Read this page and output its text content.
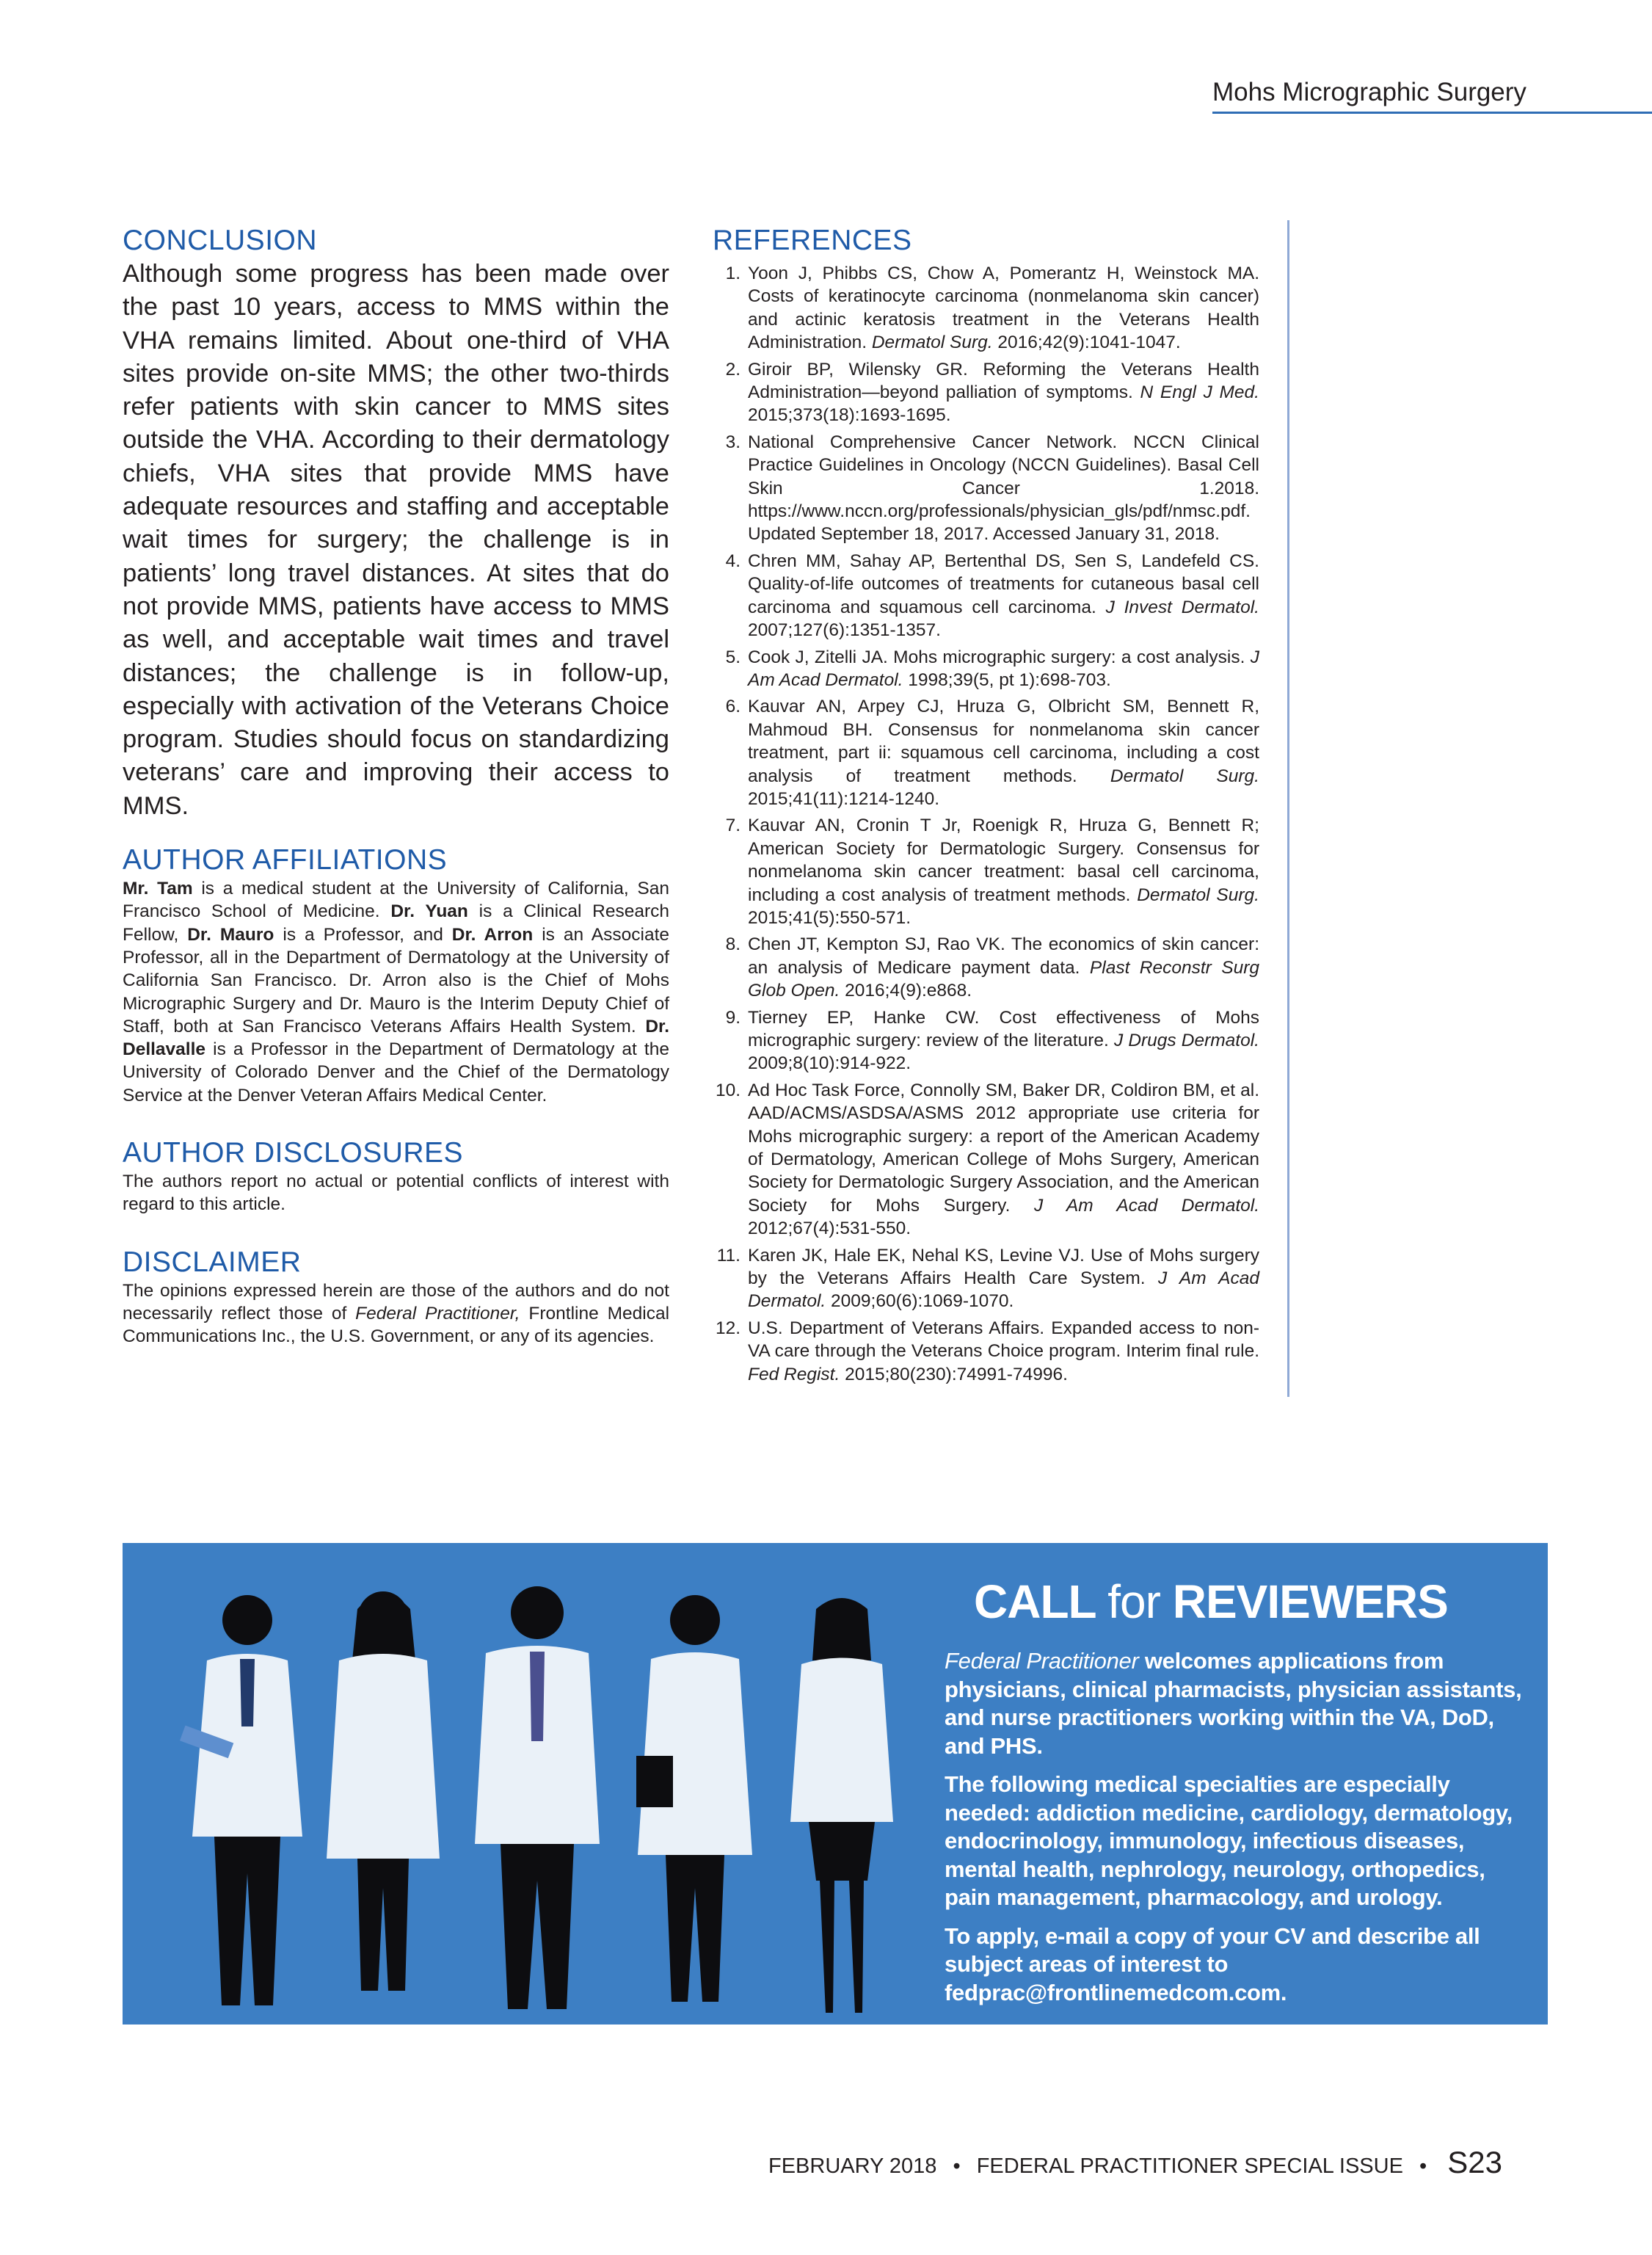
Mohs Micrographic Surgery
CONCLUSION

Although some progress has been made over the past 10 years, access to MMS within the VHA remains limited. About one-third of VHA sites provide on-site MMS; the other two-thirds refer patients with skin cancer to MMS sites outside the VHA. According to their dermatology chiefs, VHA sites that provide MMS have adequate resources and staffing and acceptable wait times for surgery; the challenge is in patients’ long travel distances. At sites that do not provide MMS, patients have access to MMS as well, and acceptable wait times and travel distances; the challenge is in follow-up, especially with activation of the Veterans Choice program. Studies should focus on standardizing veterans’ care and improving their access to MMS.

AUTHOR AFFILIATIONS

Mr. Tam is a medical student at the University of California, San Francisco School of Medicine. Dr. Yuan is a Clinical Research Fellow, Dr. Mauro is a Professor, and Dr. Arron is an Associate Professor, all in the Department of Dermatology at the University of California San Francisco. Dr. Arron also is the Chief of Mohs Micrographic Surgery and Dr. Mauro is the Interim Deputy Chief of Staff, both at San Francisco Veterans Affairs Health System. Dr. Dellavalle is a Professor in the Department of Dermatology at the University of Colorado Denver and the Chief of the Dermatology Service at the Denver Veteran Affairs Medical Center.

AUTHOR DISCLOSURES

The authors report no actual or potential conflicts of interest with regard to this article.

DISCLAIMER

The opinions expressed herein are those of the authors and do not necessarily reflect those of Federal Practitioner, Frontline Medical Communications Inc., the U.S. Government, or any of its agencies.

REFERENCES
1. Yoon J, Phibbs CS, Chow A, Pomerantz H, Weinstock MA. Costs of keratinocyte carcinoma (nonmelanoma skin cancer) and actinic keratosis treatment in the Veterans Health Administration. Dermatol Surg. 2016;42(9):1041-1047.
2. Giroir BP, Wilensky GR. Reforming the Veterans Health Administration—beyond palliation of symptoms. N Engl J Med. 2015;373(18):1693-1695.
3. National Comprehensive Cancer Network. NCCN Clinical Practice Guidelines in Oncology (NCCN Guidelines). Basal Cell Skin Cancer 1.2018. https://www.nccn.org/professionals/physician_gls/pdf/nmsc.pdf. Updated September 18, 2017. Accessed January 31, 2018.
4. Chren MM, Sahay AP, Bertenthal DS, Sen S, Landefeld CS. Quality-of-life outcomes of treatments for cutaneous basal cell carcinoma and squamous cell carcinoma. J Invest Dermatol. 2007;127(6):1351-1357.
5. Cook J, Zitelli JA. Mohs micrographic surgery: a cost analysis. J Am Acad Dermatol. 1998;39(5, pt 1):698-703.
6. Kauvar AN, Arpey CJ, Hruza G, Olbricht SM, Bennett R, Mahmoud BH. Consensus for nonmelanoma skin cancer treatment, part ii: squamous cell carcinoma, including a cost analysis of treatment methods. Dermatol Surg. 2015;41(11):1214-1240.
7. Kauvar AN, Cronin T Jr, Roenigk R, Hruza G, Bennett R; American Society for Dermatologic Surgery. Consensus for nonmelanoma skin cancer treatment: basal cell carcinoma, including a cost analysis of treatment methods. Dermatol Surg. 2015;41(5):550-571.
8. Chen JT, Kempton SJ, Rao VK. The economics of skin cancer: an analysis of Medicare payment data. Plast Reconstr Surg Glob Open. 2016;4(9):e868.
9. Tierney EP, Hanke CW. Cost effectiveness of Mohs micrographic surgery: review of the literature. J Drugs Dermatol. 2009;8(10):914-922.
10. Ad Hoc Task Force, Connolly SM, Baker DR, Coldiron BM, et al. AAD/ACMS/ASDSA/ASMS 2012 appropriate use criteria for Mohs micrographic surgery: a report of the American Academy of Dermatology, American College of Mohs Surgery, American Society for Dermatologic Surgery Association, and the American Society for Mohs Surgery. J Am Acad Dermatol. 2012;67(4):531-550.
11. Karen JK, Hale EK, Nehal KS, Levine VJ. Use of Mohs surgery by the Veterans Affairs Health Care System. J Am Acad Dermatol. 2009;60(6):1069-1070.
12. U.S. Department of Veterans Affairs. Expanded access to non-VA care through the Veterans Choice program. Interim final rule. Fed Regist. 2015;80(230):74991-74996.
CALL for REVIEWERS

Federal Practitioner welcomes applications from physicians, clinical pharmacists, physician assistants, and nurse practitioners working within the VA, DoD, and PHS.

The following medical specialties are especially needed: addiction medicine, cardiology, dermatology, endocrinology, immunology, infectious diseases, mental health, nephrology, neurology, orthopedics, pain management, pharmacology, and urology.

To apply, e-mail a copy of your CV and describe all subject areas of interest to
fedprac@frontlinemedcom.com.

FEBRUARY 2018 • FEDERAL PRACTITIONER SPECIAL ISSUE • S23
